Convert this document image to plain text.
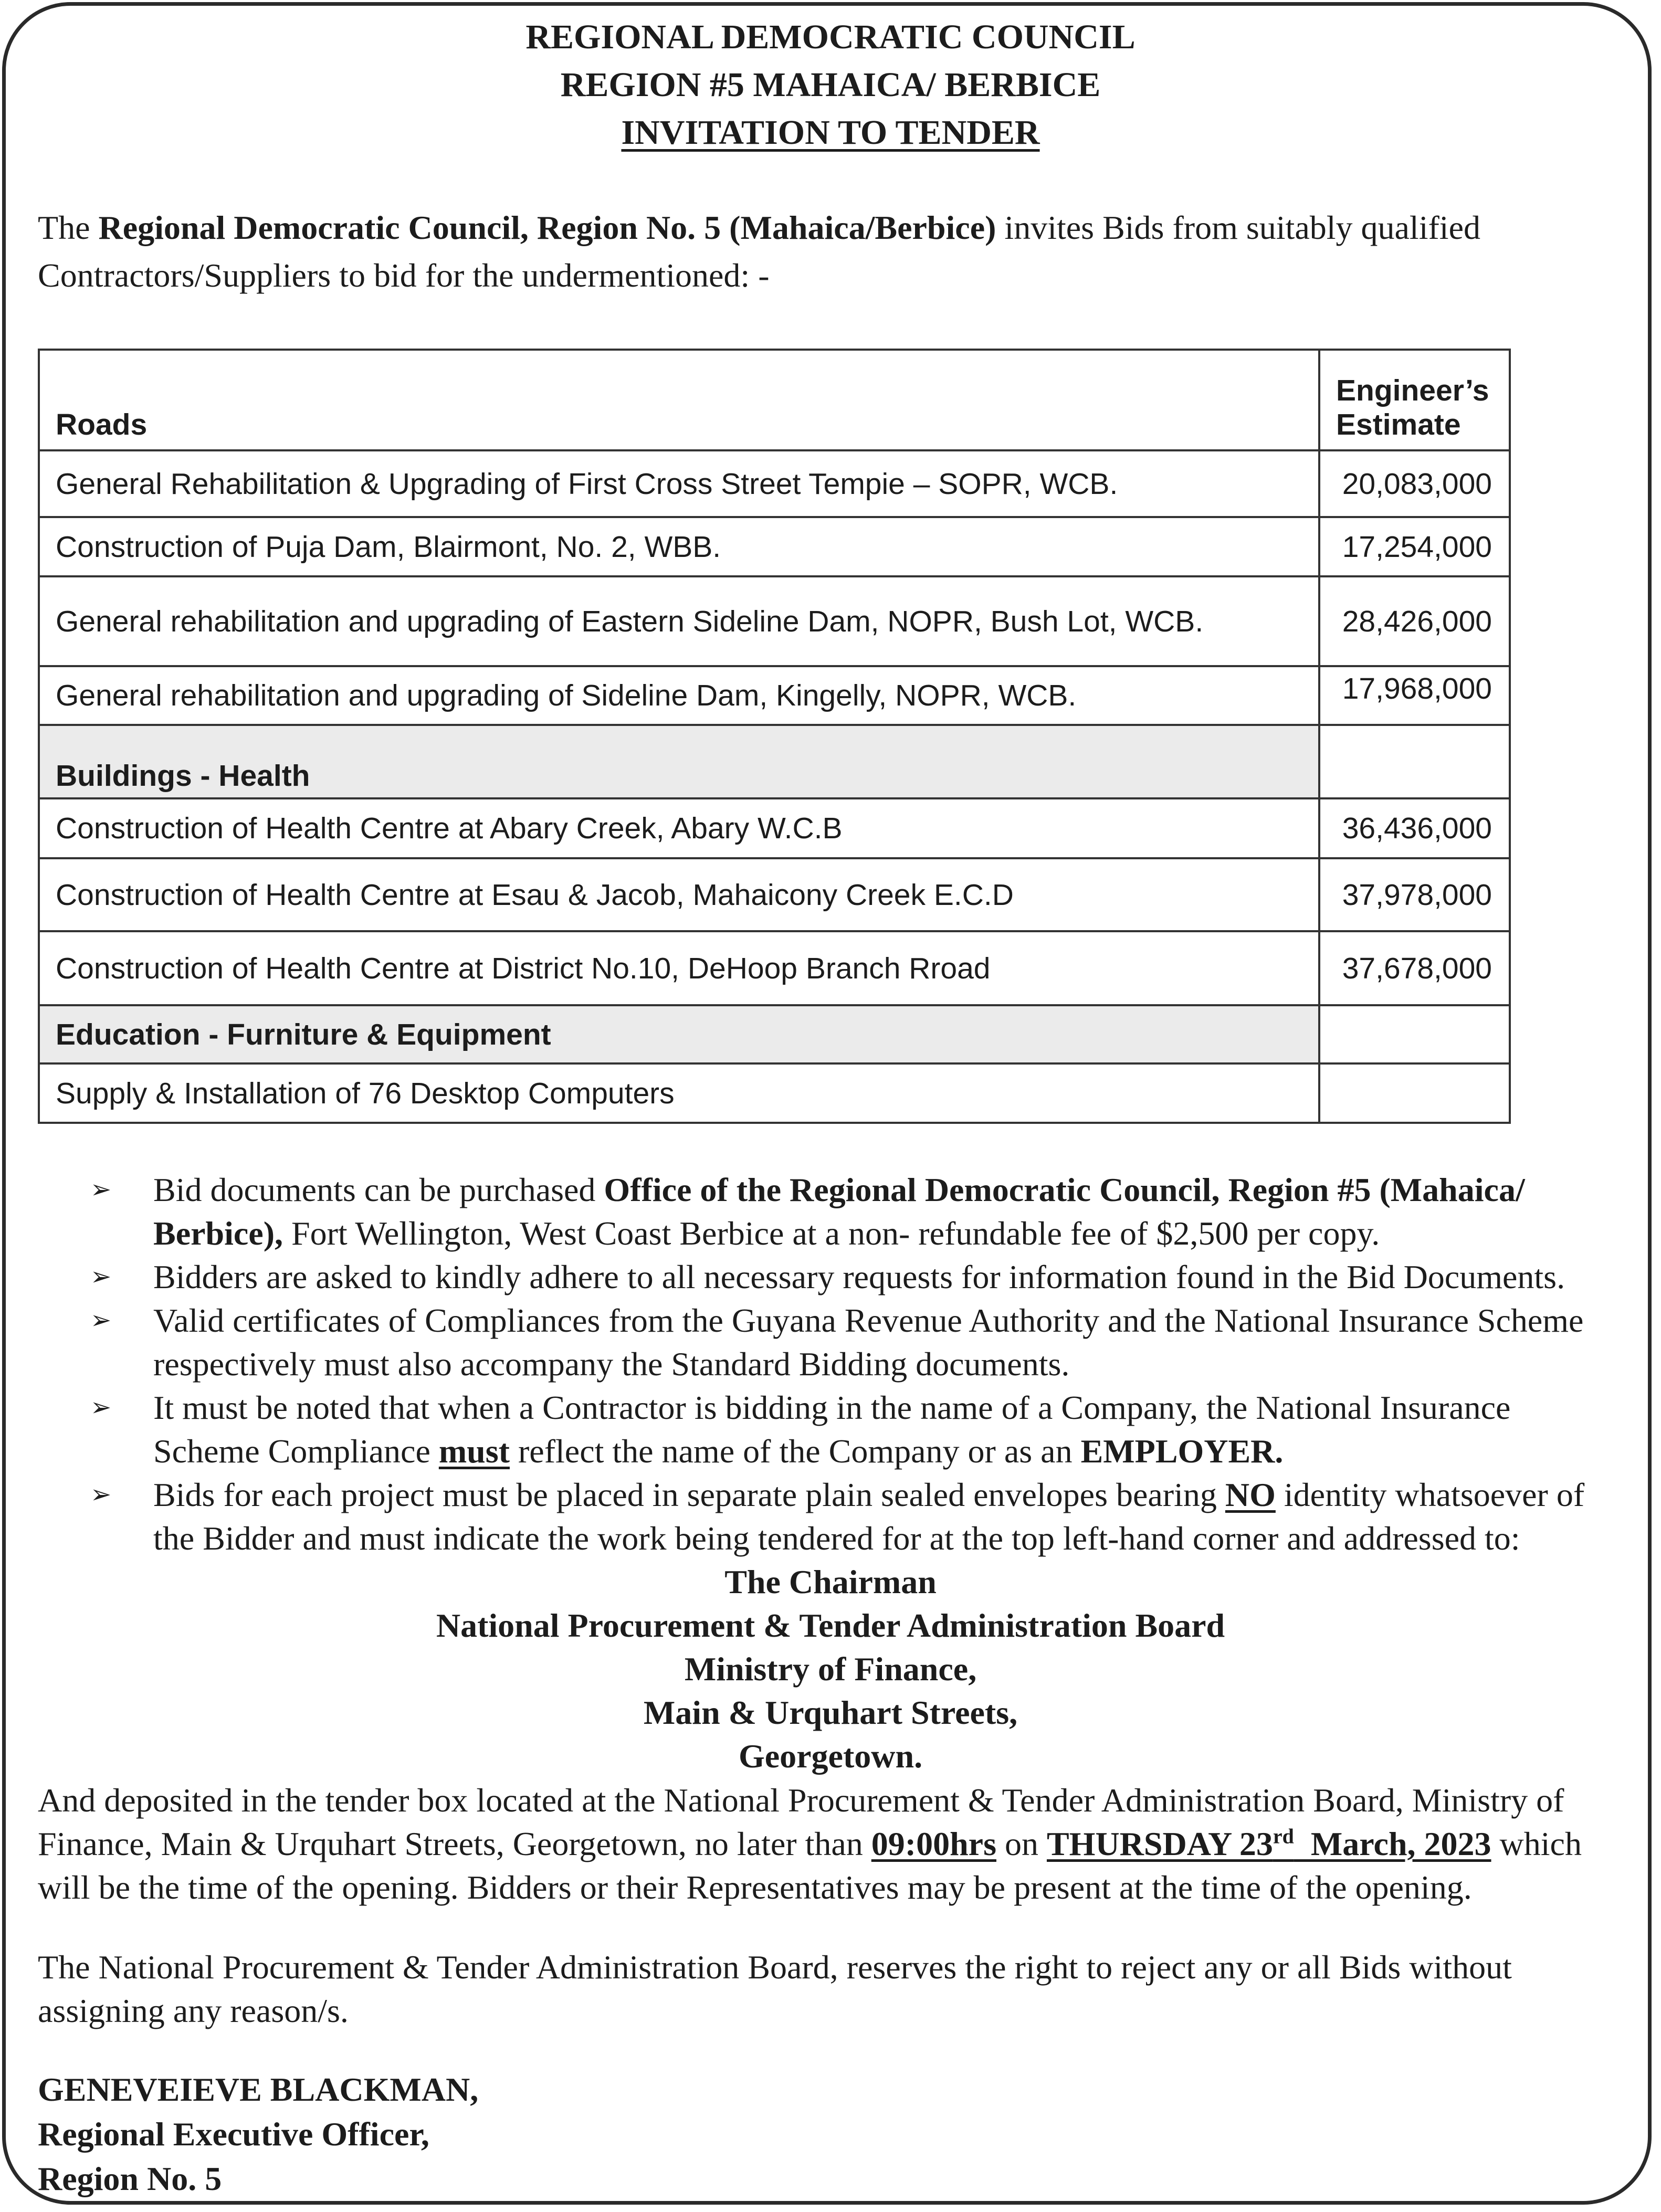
REGIONAL DEMOCRATIC COUNCIL
REGION #5 MAHAICA/ BERBICE
INVITATION TO TENDER
The Regional Democratic Council, Region No. 5 (Mahaica/Berbice) invites Bids from suitably qualified Contractors/Suppliers to bid for the undermentioned: -
Roads	Engineer’s
Estimate
General Rehabilitation & Upgrading of First Cross Street Tempie – SOPR, WCB.	20,083,000
Construction of Puja Dam, Blairmont, No. 2, WBB.	17,254,000
General rehabilitation and upgrading of Eastern Sideline Dam, NOPR, Bush Lot, WCB.	28,426,000
General rehabilitation and upgrading of Sideline Dam, Kingelly, NOPR, WCB.	17,968,000
Buildings - Health	
Construction of Health Centre at Abary Creek, Abary W.C.B	36,436,000
Construction of Health Centre at Esau & Jacob, Mahaicony Creek E.C.D	37,978,000
Construction of Health Centre at District No.10, DeHoop Branch Rroad	37,678,000
Education - Furniture & Equipment	
Supply & Installation of 76 Desktop Computers	
➢ Bid documents can be purchased Office of the Regional Democratic Council, Region #5 (Mahaica/ Berbice), Fort Wellington, West Coast Berbice at a non- refundable fee of $2,500 per copy.
➢ Bidders are asked to kindly adhere to all necessary requests for information found in the Bid Documents.
➢ Valid certificates of Compliances from the Guyana Revenue Authority and the National Insurance Scheme respectively must also accompany the Standard Bidding documents.
➢ It must be noted that when a Contractor is bidding in the name of a Company, the National Insurance Scheme Compliance must reflect the name of the Company or as an EMPLOYER.
➢ Bids for each project must be placed in separate plain sealed envelopes bearing NO identity whatsoever of the Bidder and must indicate the work being tendered for at the top left-hand corner and addressed to:
The Chairman
National Procurement & Tender Administration Board
Ministry of Finance,
Main & Urquhart Streets,
Georgetown.
And deposited in the tender box located at the National Procurement & Tender Administration Board, Ministry of Finance, Main & Urquhart Streets, Georgetown, no later than 09:00hrs on THURSDAY 23rd  March, 2023 which will be the time of the opening. Bidders or their Representatives may be present at the time of the opening.
The National Procurement & Tender Administration Board, reserves the right to reject any or all Bids without assigning any reason/s.
GENEVEIEVE BLACKMAN,
Regional Executive Officer,
Region No. 5
